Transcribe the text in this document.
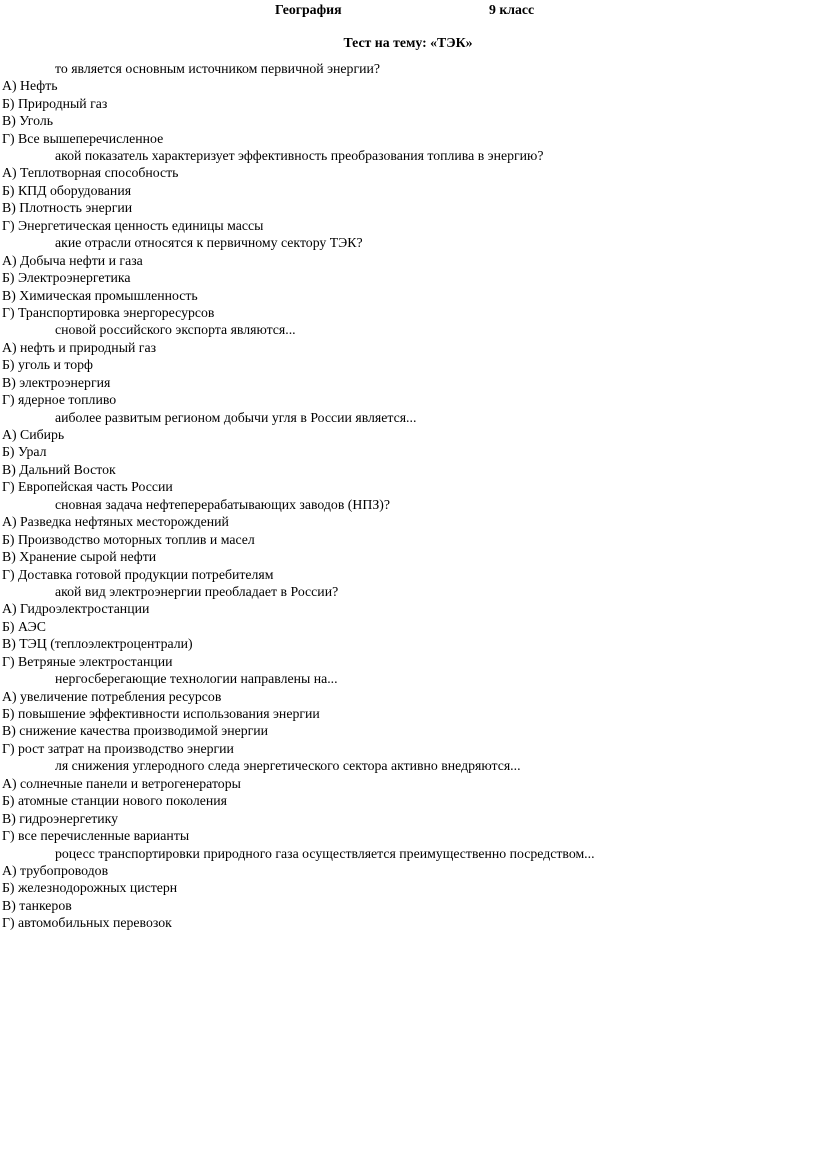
География	9 класс
Тест на тему: «ТЭК»
то является основным источником первичной энергии?
А) Нефть
Б) Природный газ
В) Уголь
Г) Все вышеперечисленное
акой показатель характеризует эффективность преобразования топлива в энергию?
А) Теплотворная способность
Б) КПД оборудования
В) Плотность энергии
Г) Энергетическая ценность единицы массы
акие отрасли относятся к первичному сектору ТЭК?
А) Добыча нефти и газа
Б) Электроэнергетика
В) Химическая промышленность
Г) Транспортировка энергоресурсов
сновой российского экспорта являются...
А) нефть и природный газ
Б) уголь и торф
В) электроэнергия
Г) ядерное топливо
аиболее развитым регионом добычи угля в России является...
А) Сибирь
Б) Урал
В) Дальний Восток
Г) Европейская часть России
сновная задача нефтеперерабатывающих заводов (НПЗ)?
А) Разведка нефтяных месторождений
Б) Производство моторных топлив и масел
В) Хранение сырой нефти
Г) Доставка готовой продукции потребителям
акой вид электроэнергии преобладает в России?
А) Гидроэлектростанции
Б) АЭС
В) ТЭЦ (теплоэлектроцентрали)
Г) Ветряные электростанции
нергосберегающие технологии направлены на...
А) увеличение потребления ресурсов
Б) повышение эффективности использования энергии
В) снижение качества производимой энергии
Г) рост затрат на производство энергии
ля снижения углеродного следа энергетического сектора активно внедряются...
А) солнечные панели и ветрогенераторы
Б) атомные станции нового поколения
В) гидроэнергетику
Г) все перечисленные варианты
роцесс транспортировки природного газа осуществляется преимущественно посредством...
А) трубопроводов
Б) железнодорожных цистерн
В) танкеров
Г) автомобильных перевозок
